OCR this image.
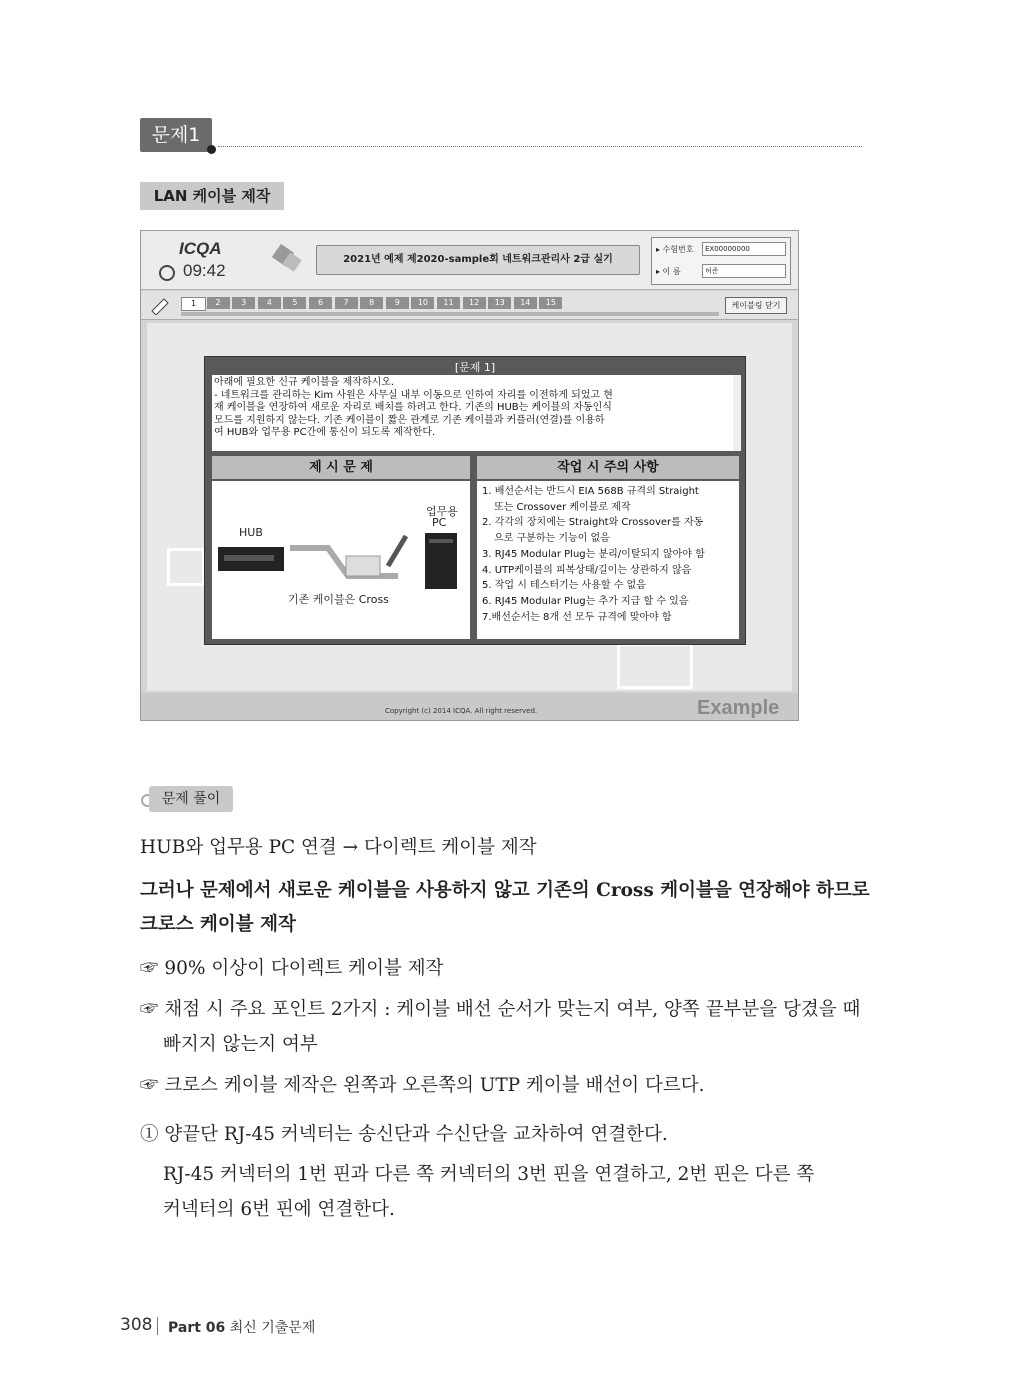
문제1
LAN 케이블 제작
ICQA
09:42
2021년 예제 제2020-sample회 네트워크관리사 2급 실기
▸ 수험번호	EX00000000
▸ 이 름	허준
1	2	3	4	5	6	7	8	9	10	11	12	13	14	15	케이블링 닫기
[문제 1]
아래에 필요한 신규 케이블을 제작하시오.
- 네트워크를 관리하는 Kim 사원은 사무실 내부 이동으로 인하여 자리를 이전하게 되었고 현
재 케이블을 연장하여 새로운 자리로 배치를 하려고 한다. 기존의 HUB는 케이블의 자동인식
모드를 지원하지 않는다. 기존 케이블이 짧은 관계로 기존 케이블과 커플러(연결)를 이용하
여 HUB와 업무용 PC간에 통신이 되도록 제작한다.
제 시 문 제	작업 시 주의 사항
HUB
업무용
PC
기존 케이블은 Cross
1. 배선순서는 반드시 EIA 568B 규격의 Straight
또는 Crossover 케이블로 제작
2. 각각의 장치에는 Straight와 Crossover를 자동
으로 구분하는 기능이 없음
3. RJ45 Modular Plug는 분리/이탈되지 않아야 함
4. UTP케이블의 피복상태/길이는 상관하지 않음
5. 작업 시 테스터기는 사용할 수 없음
6. RJ45 Modular Plug는 추가 지급 할 수 있음
7.배선순서는 8개 선 모두 규격에 맞아야 함
Copyright (c) 2014 ICQA. All right reserved.	Example
문제 풀이
HUB와 업무용 PC 연결 → 다이렉트 케이블 제작
그러나 문제에서 새로운 케이블을 사용하지 않고 기존의 Cross 케이블을 연장해야 하므로
크로스 케이블 제작
☞ 90% 이상이 다이렉트 케이블 제작
☞ 채점 시 주요 포인트 2가지 : 케이블 배선 순서가 맞는지 여부, 양쪽 끝부분을 당겼을 때
빠지지 않는지 여부
☞ 크로스 케이블 제작은 왼쪽과 오른쪽의 UTP 케이블 배선이 다르다.
① 양끝단 RJ-45 커넥터는 송신단과 수신단을 교차하여 연결한다.
RJ-45 커넥터의 1번 핀과 다른 쪽 커넥터의 3번 핀을 연결하고, 2번 핀은 다른 쪽
커넥터의 6번 핀에 연결한다.
308 Part 06 최신 기출문제
